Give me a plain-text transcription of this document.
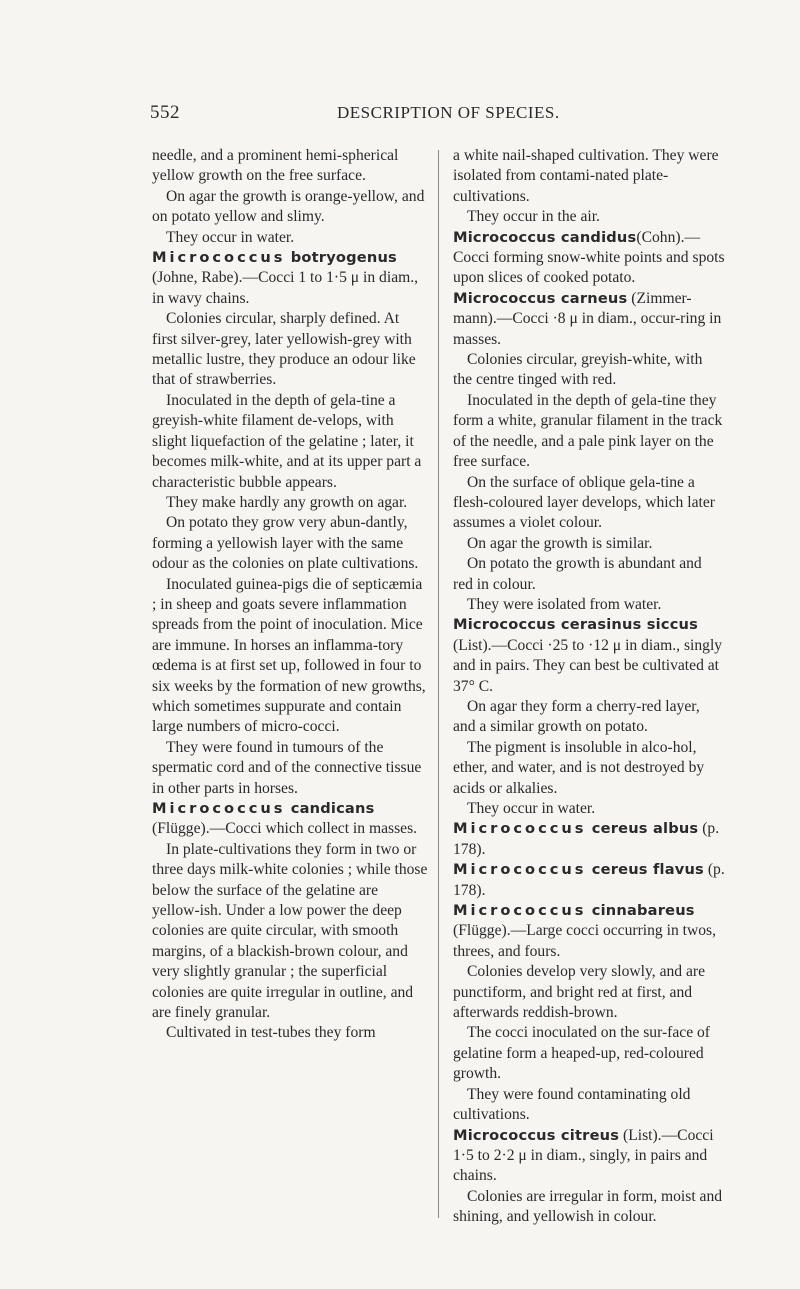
552	DESCRIPTION OF SPECIES.

needle, and a prominent hemi-spherical yellow growth on the free surface.

On agar the growth is orange-yellow, and on potato yellow and slimy.

They occur in water.

Micrococcus botryogenus (Johne, Rabe).—Cocci 1 to 1·5 μ in diam., in wavy chains.

Colonies circular, sharply defined. At first silver-grey, later yellowish-grey with metallic lustre, they produce an odour like that of strawberries.

Inoculated in the depth of gela-tine a greyish-white filament de-velops, with slight liquefaction of the gelatine ; later, it becomes milk-white, and at its upper part a characteristic bubble appears.

They make hardly any growth on agar.

On potato they grow very abun-dantly, forming a yellowish layer with the same odour as the colonies on plate cultivations.

Inoculated guinea-pigs die of septicæmia ; in sheep and goats severe inflammation spreads from the point of inoculation. Mice are immune. In horses an inflamma-tory œdema is at first set up, followed in four to six weeks by the formation of new growths, which sometimes suppurate and contain large numbers of micro-cocci.

They were found in tumours of the spermatic cord and of the connective tissue in other parts in horses.

Micrococcus candicans (Flügge).—Cocci which collect in masses.

In plate-cultivations they form in two or three days milk-white colonies ; while those below the surface of the gelatine are yellow-ish. Under a low power the deep colonies are quite circular, with smooth margins, of a blackish-brown colour, and very slightly granular ; the superficial colonies are quite irregular in outline, and are finely granular.

Cultivated in test-tubes they form

a white nail-shaped cultivation. They were isolated from contami-nated plate-cultivations.

They occur in the air.

Micrococcus candidus(Cohn).—Cocci forming snow-white points and spots upon slices of cooked potato.

Micrococcus carneus (Zimmer-mann).—Cocci ·8 μ in diam., occur-ring in masses.

Colonies circular, greyish-white, with the centre tinged with red.

Inoculated in the depth of gela-tine they form a white, granular filament in the track of the needle, and a pale pink layer on the free surface.

On the surface of oblique gela-tine a flesh-coloured layer develops, which later assumes a violet colour.

On agar the growth is similar.

On potato the growth is abundant and red in colour.

They were isolated from water.

Micrococcus cerasinus siccus (List).—Cocci ·25 to ·12 μ in diam., singly and in pairs. They can best be cultivated at 37° C.

On agar they form a cherry-red layer, and a similar growth on potato.

The pigment is insoluble in alco-hol, ether, and water, and is not destroyed by acids or alkalies.

They occur in water.

Micrococcus cereus albus (p. 178).

Micrococcus cereus flavus (p. 178).

Micrococcus cinnabareus (Flügge).—Large cocci occurring in twos, threes, and fours.

Colonies develop very slowly, and are punctiform, and bright red at first, and afterwards reddish-brown.

The cocci inoculated on the sur-face of gelatine form a heaped-up, red-coloured growth.

They were found contaminating old cultivations.

Micrococcus citreus (List).—Cocci 1·5 to 2·2 μ in diam., singly, in pairs and chains.

Colonies are irregular in form, moist and shining, and yellowish in colour.
